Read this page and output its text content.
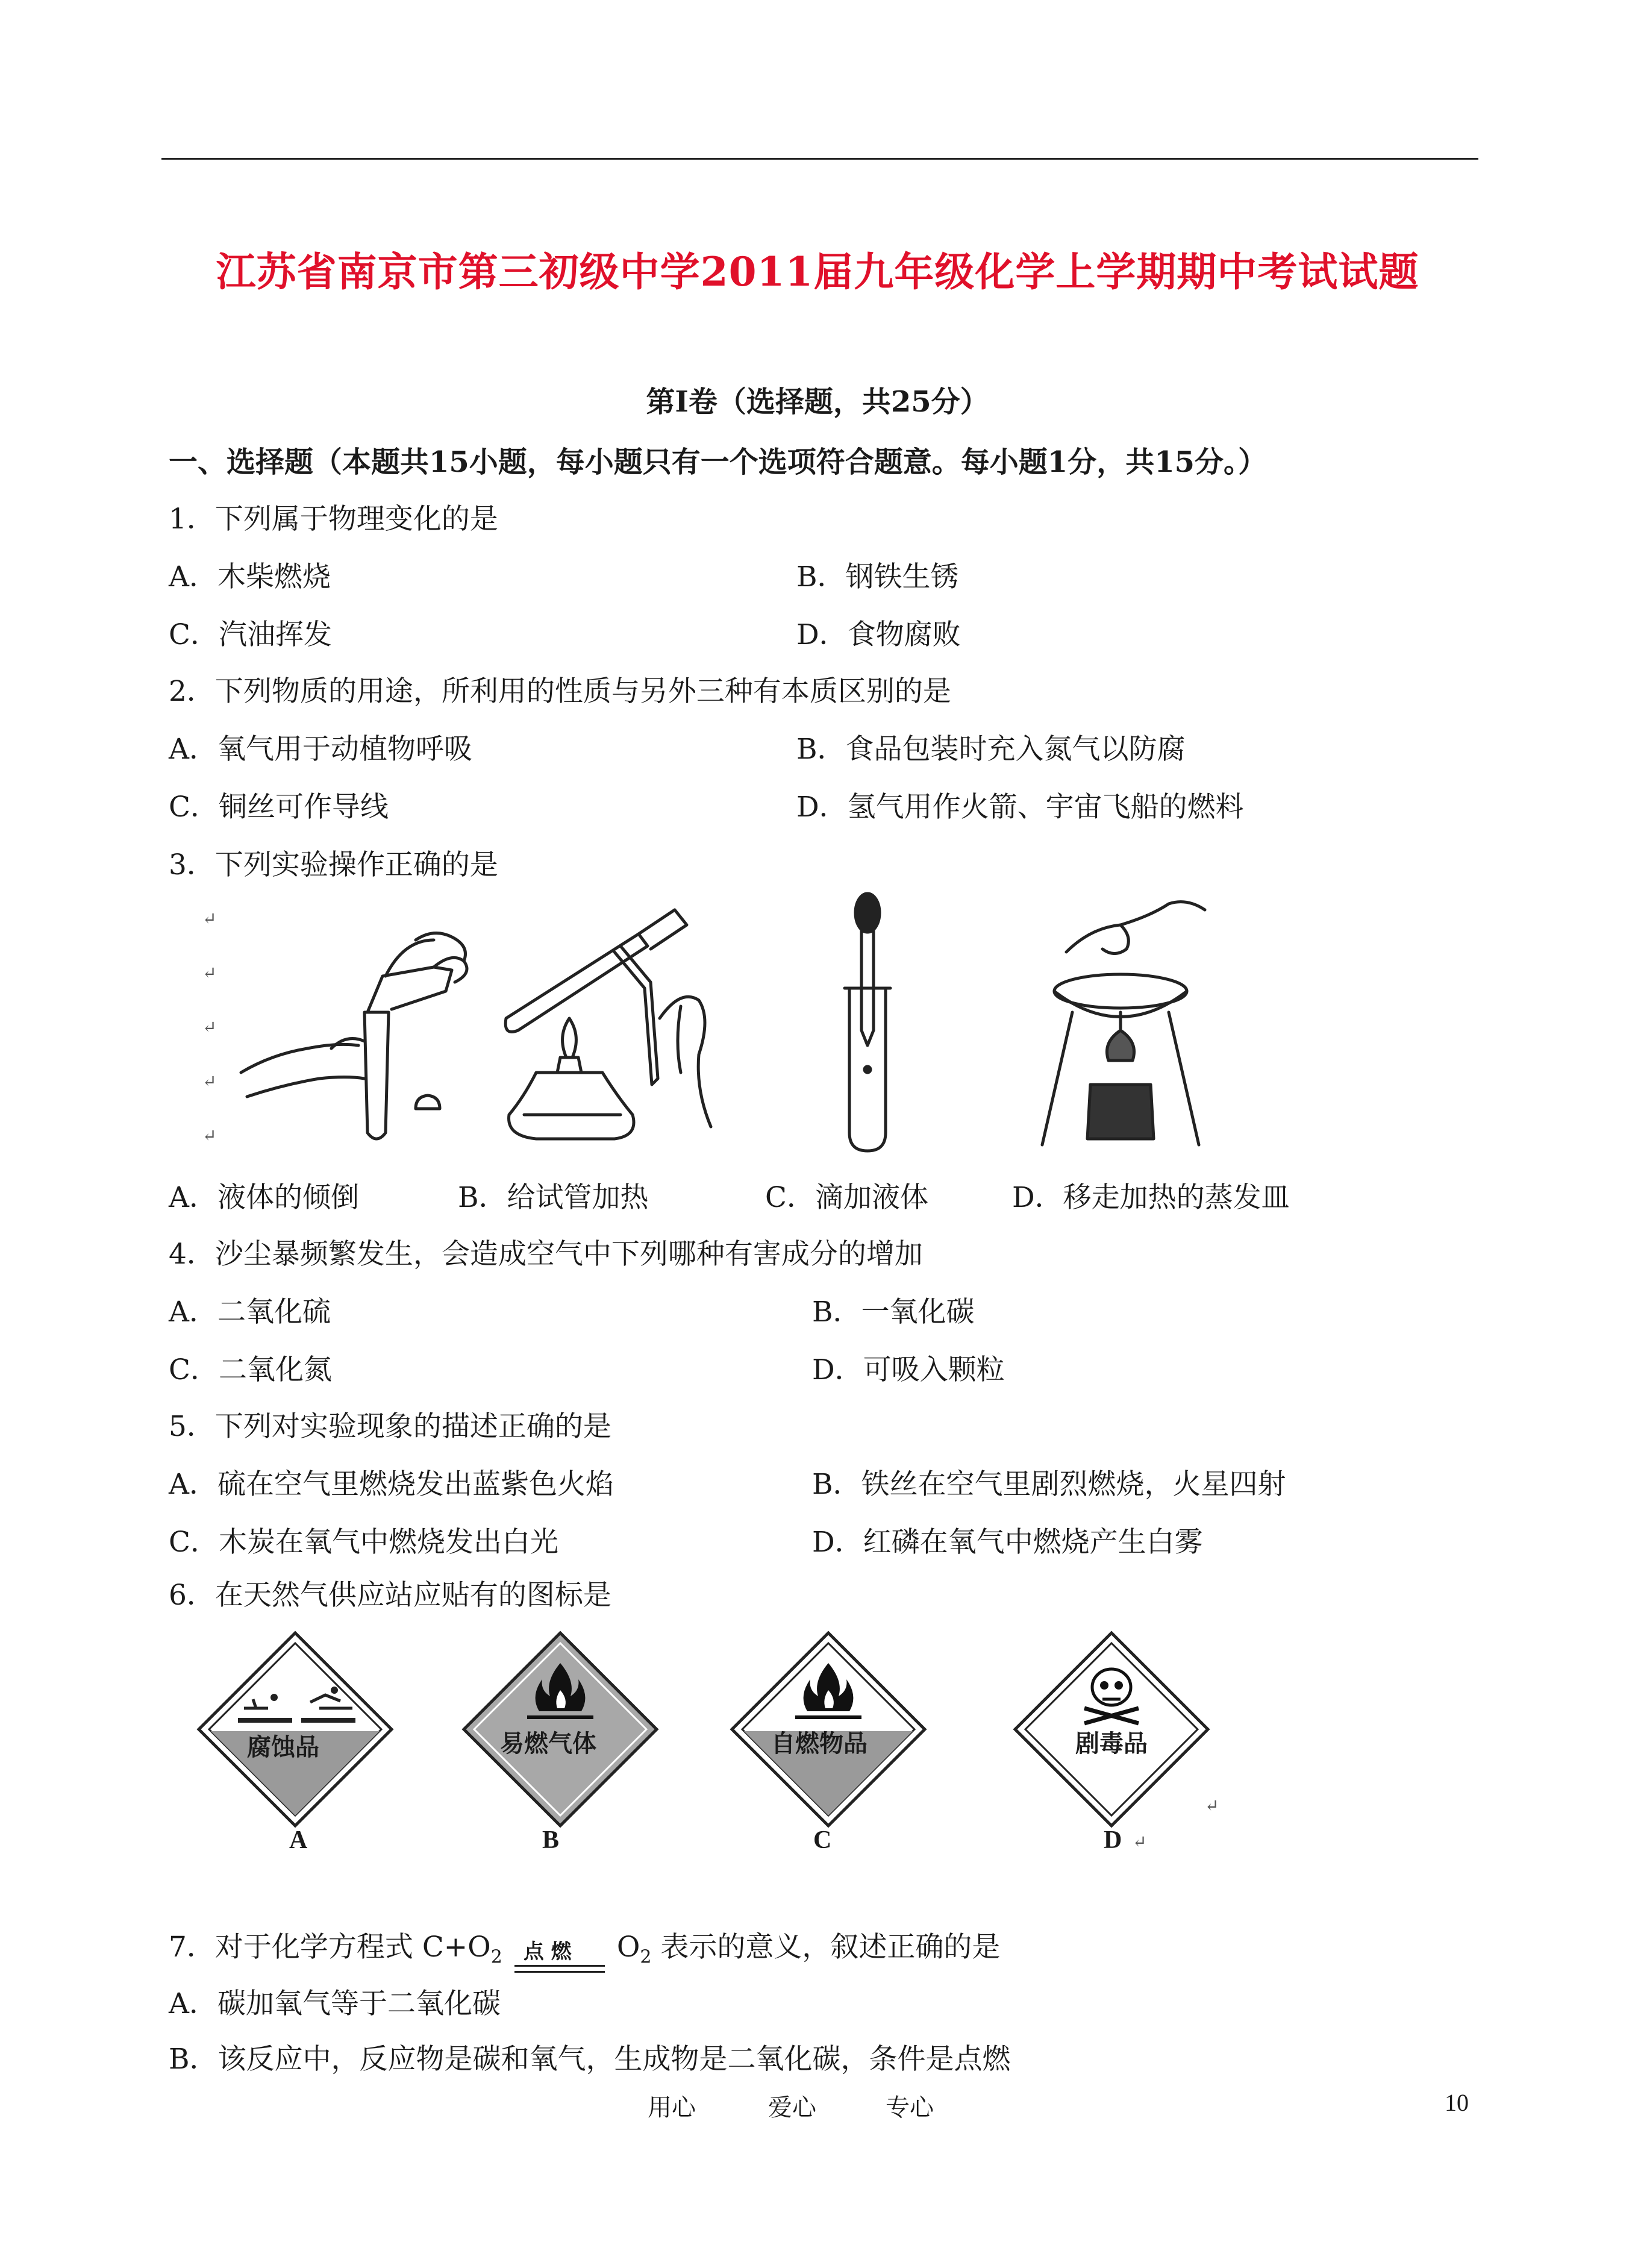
江苏省南京市第三初级中学2011届九年级化学上学期期中考试试题
第Ⅰ卷（选择题，共25分）
一、选择题（本题共15小题，每小题只有一个选项符合题意。每小题1分，共15分。）
1．下列属于物理变化的是
A．木柴燃烧	B．钢铁生锈
C．汽油挥发	D．食物腐败
2．下列物质的用途，所利用的性质与另外三种有本质区别的是
A．氧气用于动植物呼吸	B．食品包装时充入氮气以防腐
C．铜丝可作导线	D．氢气用作火箭、宇宙飞船的燃料
3．下列实验操作正确的是
↵
↵
↵
↵
↵
A．液体的倾倒	B．给试管加热	C．滴加液体	D．移走加热的蒸发皿
4．沙尘暴频繁发生，会造成空气中下列哪种有害成分的增加
A．二氧化硫	B．一氧化碳
C．二氧化氮	D．可吸入颗粒
5．下列对实验现象的描述正确的是
A．硫在空气里燃烧发出蓝紫色火焰	B．铁丝在空气里剧烈燃烧，火星四射
C．木炭在氧气中燃烧发出白光	D．红磷在氧气中燃烧产生白雾
6．在天然气供应站应贴有的图标是
腐蚀品	易燃气体	自燃物品	剧毒品
↵
A	B	C	D ↵
7．对于化学方程式 $C+O_2$ 点 燃 $O_2$ 表示的意义，叙述正确的是
A．碳加氧气等于二氧化碳
B．该反应中，反应物是碳和氧气，生成物是二氧化碳，条件是点燃
用心	爱心	专心	10
